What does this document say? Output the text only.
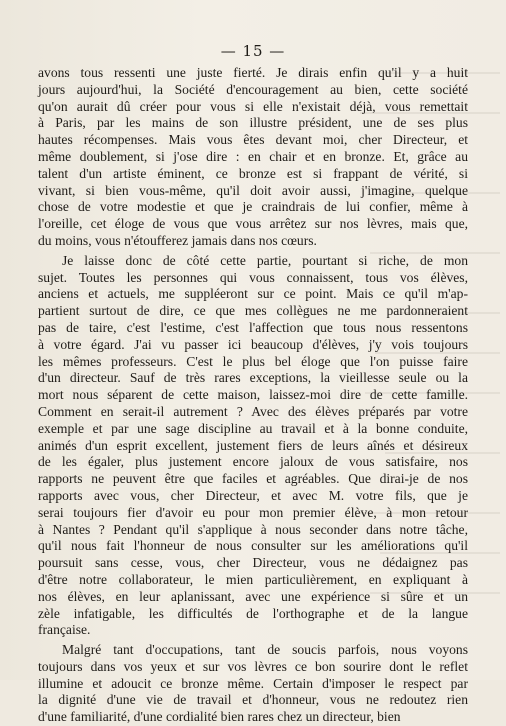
— 15 —

avons tous ressenti une juste fierté. Je dirais enfin qu'il y a huit
jours aujourd'hui, la Société d'encouragement au bien, cette société
qu'on aurait dû créer pour vous si elle n'existait déjà, vous remettait
à Paris, par les mains de son illustre président, une de ses plus
hautes récompenses. Mais vous êtes devant moi, cher Directeur, et
même doublement, si j'ose dire : en chair et en bronze. Et, grâce au
talent d'un artiste éminent, ce bronze est si frappant de vérité, si
vivant, si bien vous-même, qu'il doit avoir aussi, j'imagine, quelque
chose de votre modestie et que je craindrais de lui confier, même à
l'oreille, cet éloge de vous que vous arrêtez sur nos lèvres, mais que,
du moins, vous n'étoufferez jamais dans nos cœurs.

Je laisse donc de côté cette partie, pourtant si riche, de mon
sujet. Toutes les personnes qui vous connaissent, tous vos élèves,
anciens et actuels, me suppléeront sur ce point. Mais ce qu'il m'ap-
partient surtout de dire, ce que mes collègues ne me pardonneraient
pas de taire, c'est l'estime, c'est l'affection que tous nous ressentons
à votre égard. J'ai vu passer ici beaucoup d'élèves, j'y vois toujours
les mêmes professeurs. C'est le plus bel éloge que l'on puisse faire
d'un directeur. Sauf de très rares exceptions, la vieillesse seule ou la
mort nous séparent de cette maison, laissez-moi dire de cette famille.
Comment en serait-il autrement ? Avec des élèves préparés par votre
exemple et par une sage discipline au travail et à la bonne conduite,
animés d'un esprit excellent, justement fiers de leurs aînés et désireux
de les égaler, plus justement encore jaloux de vous satisfaire, nos
rapports ne peuvent être que faciles et agréables. Que dirai-je de nos
rapports avec vous, cher Directeur, et avec M. votre fils, que je
serai toujours fier d'avoir eu pour mon premier élève, à mon retour
à Nantes ? Pendant qu'il s'applique à nous seconder dans notre tâche,
qu'il nous fait l'honneur de nous consulter sur les améliorations qu'il
poursuit sans cesse, vous, cher Directeur, vous ne dédaignez pas
d'être notre collaborateur, le mien particulièrement, en expliquant à
nos élèves, en leur aplanissant, avec une expérience si sûre et un
zèle infatigable, les difficultés de l'orthographe et de la langue
française.

Malgré tant d'occupations, tant de soucis parfois, nous voyons
toujours dans vos yeux et sur vos lèvres ce bon sourire dont le reflet
illumine et adoucit ce bronze même. Certain d'imposer le respect par
la dignité d'une vie de travail et d'honneur, vous ne redoutez rien
d'une familiarité, d'une cordialité bien rares chez un directeur, bien
